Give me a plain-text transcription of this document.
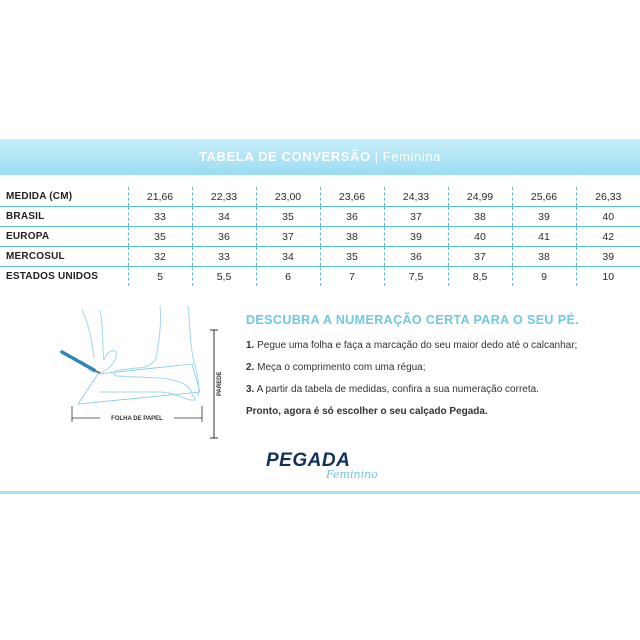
TABELA DE CONVERSÃO | Feminina
MEDIDA (CM)	21,66	22,33	23,00	23,66	24,33	24,99	25,66	26,33
BRASIL	33	34	35	36	37	38	39	40
EUROPA	35	36	37	38	39	40	41	42
MERCOSUL	32	33	34	35	36	37	38	39
ESTADOS UNIDOS	5	5,5	6	7	7,5	8,5	9	10
PAREDE
FOLHA DE PAPEL
DESCUBRA A NUMERAÇÃO CERTA PARA O SEU PÉ.
1. Pegue uma folha e faça a marcação do seu maior dedo até o calcanhar;
2. Meça o comprimento com uma régua;
3. A partir da tabela de medidas, confira a sua numeração correta.
Pronto, agora é só escolher o seu calçado Pegada.
PEGADA
Feminino
